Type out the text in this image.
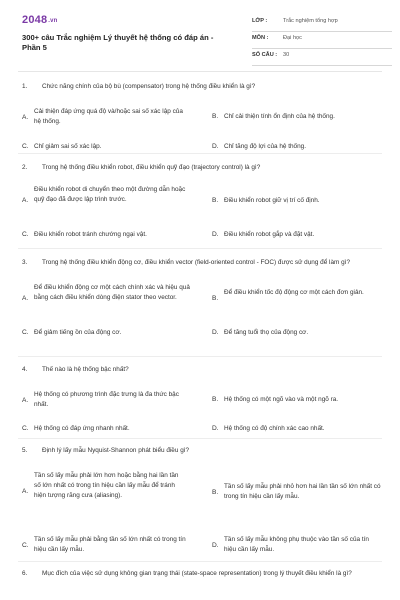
2048.vn
300+ câu Trắc nghiệm Lý thuyết hệ thống có đáp án - Phần 5
LỚP :	Trắc nghiệm tổng hợp
MÔN :	Đại học
SỐ CÂU : 30
1. Chức năng chính của bộ bù (compensator) trong hệ thống điều khiển là gì?
A.
Cải thiện đáp ứng quá độ và/hoặc sai số xác lập của hệ thống.
B. Chỉ cải thiện tính ổn định của hệ thống.
C. Chỉ giảm sai số xác lập.	D. Chỉ tăng độ lợi của hệ thống.
2. Trong hệ thống điều khiển robot, điều khiển quỹ đạo (trajectory control) là gì?
A.
Điều khiển robot di chuyển theo một đường dẫn hoặc quỹ đạo đã được lập trình trước.	B. Điều khiển robot giữ vị trí cố định.
C. Điều khiển robot tránh chướng ngại vật.	D. Điều khiển robot gắp và đặt vật.
3. Trong hệ thống điều khiển động cơ, điều khiển vector (field-oriented control - FOC) được sử dụng để làm gì?
A.
Để điều khiển động cơ một cách chính xác và hiệu quả bằng cách điều khiển dòng điện stator theo vector.	B.
Để điều khiển tốc độ động cơ một cách đơn giản.
C. Để giảm tiếng ồn của động cơ.	D. Để tăng tuổi thọ của động cơ.
4. Thế nào là hệ thống bậc nhất?
A.
Hệ thống có phương trình đặc trưng là đa thức bậc nhất.
B. Hệ thống có một ngõ vào và một ngõ ra.
C. Hệ thống có đáp ứng nhanh nhất.	D. Hệ thống có độ chính xác cao nhất.
5. Định lý lấy mẫu Nyquist-Shannon phát biểu điều gì?
A.
Tần số lấy mẫu phải lớn hơn hoặc bằng hai lần tần số lớn nhất có trong tín hiệu cần lấy mẫu để tránh hiện tượng răng cưa (aliasing).	B.
Tần số lấy mẫu phải nhỏ hơn hai lần tần số lớn nhất có trong tín hiệu cần lấy mẫu.
C.
Tần số lấy mẫu phải bằng tần số lớn nhất có trong tín hiệu cần lấy mẫu.
D.
Tần số lấy mẫu không phụ thuộc vào tần số của tín hiệu cần lấy mẫu.
6. Mục đích của việc sử dụng không gian trạng thái (state-space representation) trong lý thuyết điều khiển là gì?
